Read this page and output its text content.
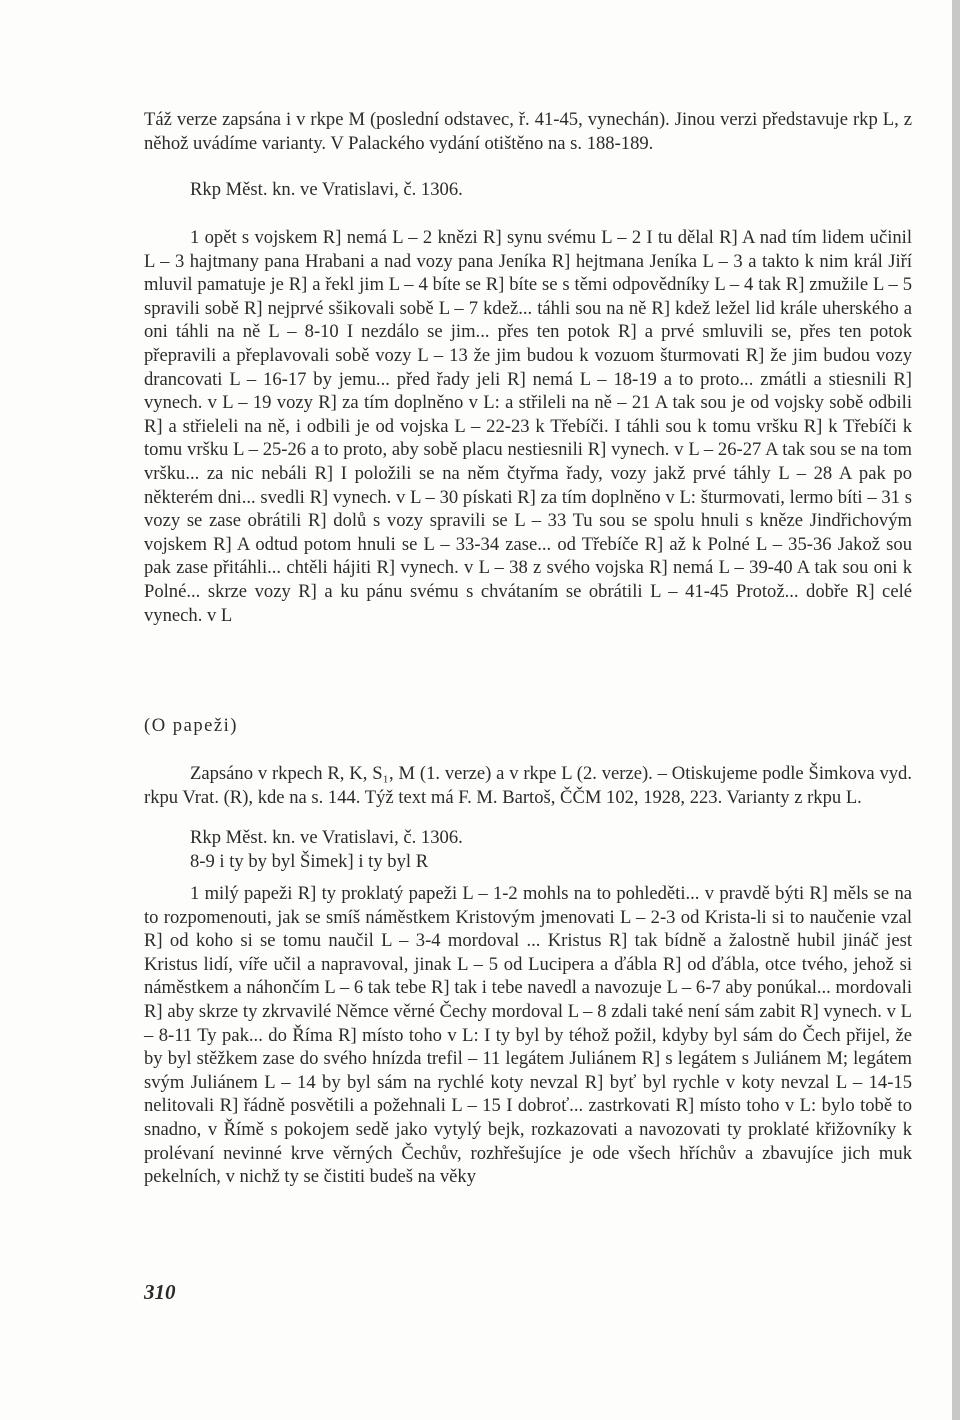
Táž verze zapsána i v rkpe M (poslední odstavec, ř. 41-45, vynechán). Jinou verzi představuje rkp L, z něhož uvádíme varianty. V Palackého vydání otištěno na s. 188-189.

Rkp Měst. kn. ve Vratislavi, č. 1306.

1 opět s vojskem R] nemá L – 2 knězi R] synu svému L – 2 I tu dělal R] A nad tím lidem učinil L – 3 hajtmany pana Hrabani a nad vozy pana Jeníka R] hejtmana Jeníka L – 3 a takto k nim král Jiří mluvil pamatuje je R] a řekl jim L – 4 bíte se R] bíte se s těmi odpovědníky L – 4 tak R] zmužile L – 5 spravili sobě R] nejprvé sšikovali sobě L – 7 kdež... táhli sou na ně R] kdež ležel lid krále uherského a oni táhli na ně L – 8-10 I nezdálo se jim... přes ten potok R] a prvé smluvili se, přes ten potok přepravili a přeplavovali sobě vozy L – 13 že jim budou k vozuom šturmovati R] že jim budou vozy drancovati L – 16-17 by jemu... před řady jeli R] nemá L – 18-19 a to proto... zmátli a stiesnili R] vynech. v L – 19 vozy R] za tím doplněno v L: a střileli na ně – 21 A tak sou je od vojsky sobě odbili R] a střieleli na ně, i odbili je od vojska L – 22-23 k Třebíči. I táhli sou k tomu vršku R] k Třebíči k tomu vršku L – 25-26 a to proto, aby sobě placu nestiesnili R] vynech. v L – 26-27 A tak sou se na tom vršku... za nic nebáli R] I položili se na něm čtyřma řady, vozy jakž prvé táhly L – 28 A pak po některém dni... svedli R] vynech. v L – 30 pískati R] za tím doplněno v L: šturmovati, lermo bíti – 31 s vozy se zase obrátili R] dolů s vozy spravili se L – 33 Tu sou se spolu hnuli s kněze Jindřichovým vojskem R] A odtud potom hnuli se L – 33-34 zase... od Třebíče R] až k Polné L – 35-36 Jakož sou pak zase přitáhli... chtěli hájiti R] vynech. v L – 38 z svého vojska R] nemá L – 39-40 A tak sou oni k Polné... skrze vozy R] a ku pánu svému s chvátaním se obrátili L – 41-45 Protož... dobře R] celé vynech. v L

(O papeži)

Zapsáno v rkpech R, K, S₁, M (1. verze) a v rkpe L (2. verze). – Otiskujeme podle Šimkova vyd. rkpu Vrat. (R), kde na s. 144. Týž text má F. M. Bartoš, ČČM 102, 1928, 223. Varianty z rkpu L.

Rkp Měst. kn. ve Vratislavi, č. 1306.

8-9 i ty by byl Šimek] i ty byl R

1 milý papeži R] ty proklatý papeži L – 1-2 mohls na to pohleděti... v pravdě býti R] měls se na to rozpomenouti, jak se smíš náměstkem Kristovým jmenovati L – 2-3 od Krista-li si to naučenie vzal R] od koho si se tomu naučil L – 3-4 mordoval ... Kristus R] tak bídně a žalostně hubil jináč jest Kristus lidí, víře učil a napravoval, jinak L – 5 od Lucipera a ďábla R] od ďábla, otce tvého, jehož si náměstkem a náhončím L – 6 tak tebe R] tak i tebe navedl a navozuje L – 6-7 aby ponúkal... mordovali R] aby skrze ty zkrvavilé Němce věrné Čechy mordoval L – 8 zdali také není sám zabit R] vynech. v L – 8-11 Ty pak... do Říma R] místo toho v L: I ty byl by téhož požil, kdyby byl sám do Čech přijel, že by byl stěžkem zase do svého hnízda trefil – 11 legátem Juliánem R] s legátem s Juliánem M; legátem svým Juliánem L – 14 by byl sám na rychlé koty nevzal R] byť byl rychle v koty nevzal L – 14-15 nelitovali R] řádně posvětili a požehnali L – 15 I dobroť... zastrkovati R] místo toho v L: bylo tobě to snadno, v Římě s pokojem sedě jako vytylý bejk, rozkazovati a navozovati ty proklaté křižovníky k prolévaní nevinné krve věrných Čechův, rozhřešujíce je ode všech hříchův a zbavujíce jich muk pekelních, v nichž ty se čistiti budeš na věky

310
